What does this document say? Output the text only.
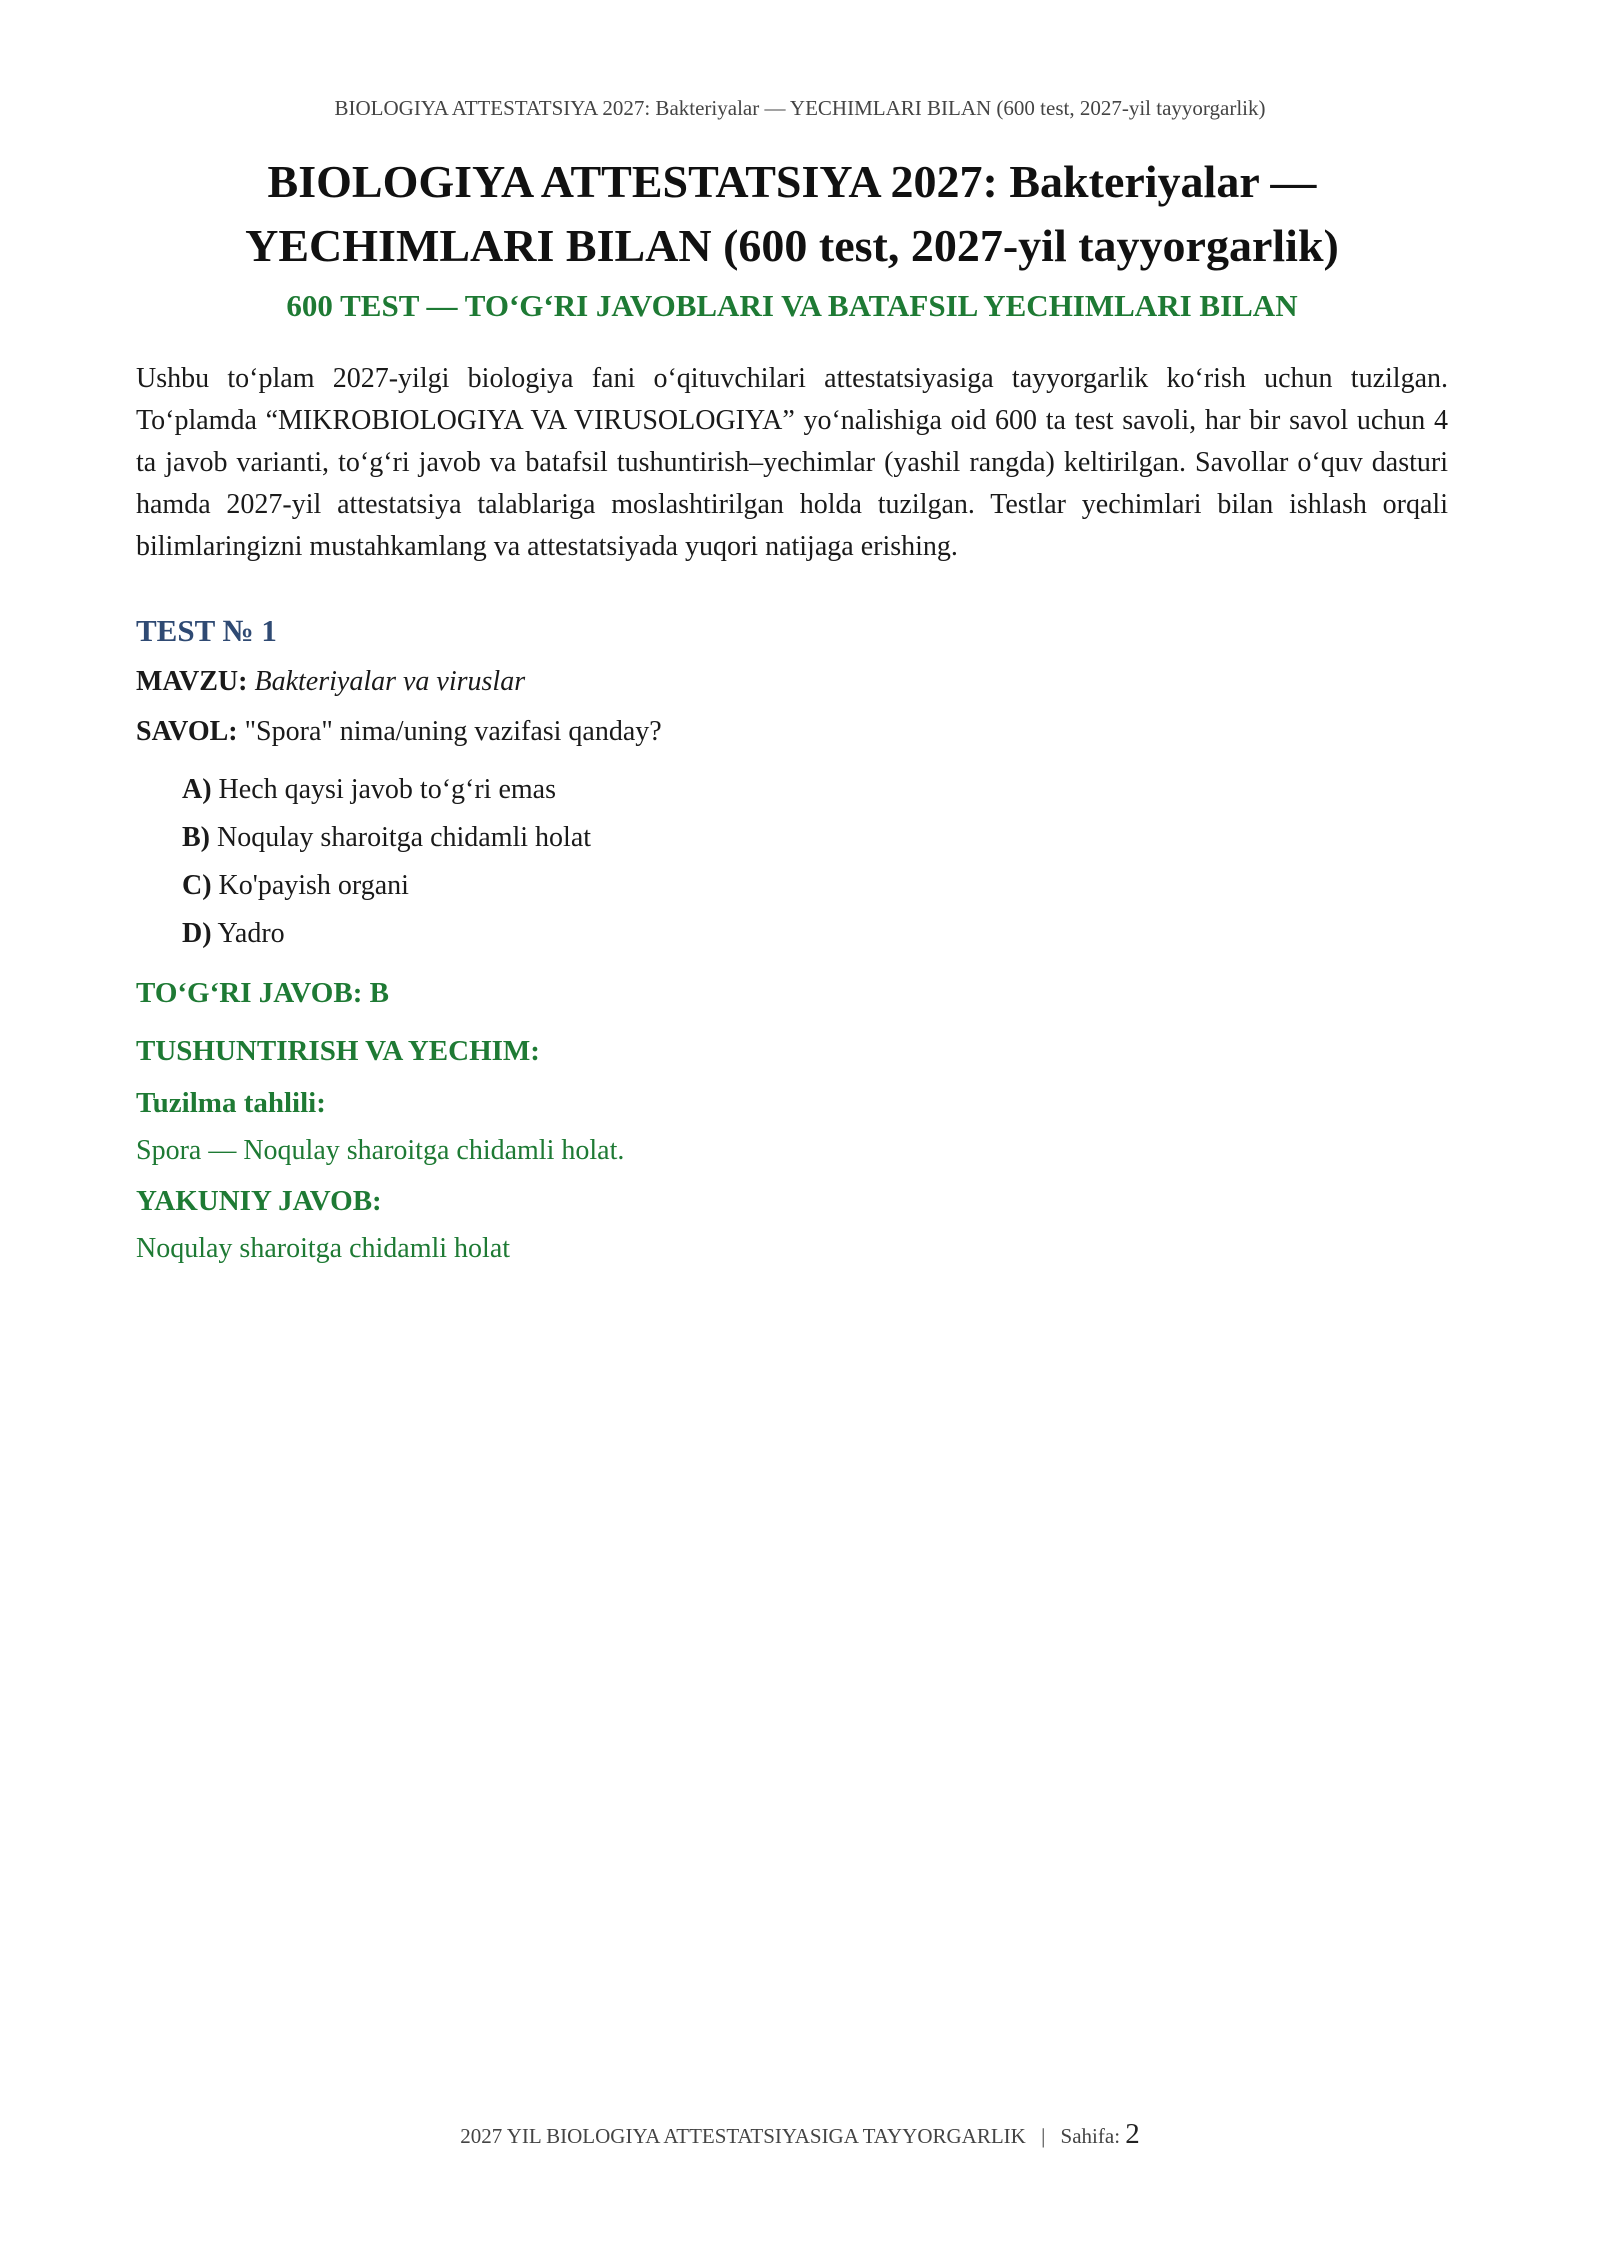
BIOLOGIYA ATTESTATSIYA 2027: Bakteriyalar — YECHIMLARI BILAN (600 test, 2027-yil tayyorgarlik)
BIOLOGIYA ATTESTATSIYA 2027: Bakteriyalar —
YECHIMLARI BILAN (600 test, 2027-yil tayyorgarlik)
600 TEST — TO‘G‘RI JAVOBLARI VA BATAFSIL YECHIMLARI BILAN

Ushbu to‘plam 2027-yilgi biologiya fani o‘qituvchilari attestatsiyasiga tayyorgarlik ko‘rish uchun tuzilgan. To‘plamda “MIKROBIOLOGIYA VA VIRUSOLOGIYA” yo‘nalishiga oid 600 ta test savoli, har bir savol uchun 4 ta javob varianti, to‘g‘ri javob va batafsil tushuntirish–yechimlar (yashil rangda) keltirilgan. Savollar o‘quv dasturi hamda 2027-yil attestatsiya talablariga moslashtirilgan holda tuzilgan. Testlar yechimlari bilan ishlash orqali bilimlaringizni mustahkamlang va attestatsiyada yuqori natijaga erishing.

TEST № 1

MAVZU: Bakteriyalar va viruslar

SAVOL: "Spora" nima/uning vazifasi qanday?

A) Hech qaysi javob to‘g‘ri emas
B) Noqulay sharoitga chidamli holat
C) Ko'payish organi
D) Yadro

TO‘G‘RI JAVOB: B

TUSHUNTIRISH VA YECHIM:

Tuzilma tahlili:

Spora — Noqulay sharoitga chidamli holat.

YAKUNIY JAVOB:

Noqulay sharoitga chidamli holat

2027 YIL BIOLOGIYA ATTESTATSIYASIGA TAYYORGARLIK | Sahifa: 2
